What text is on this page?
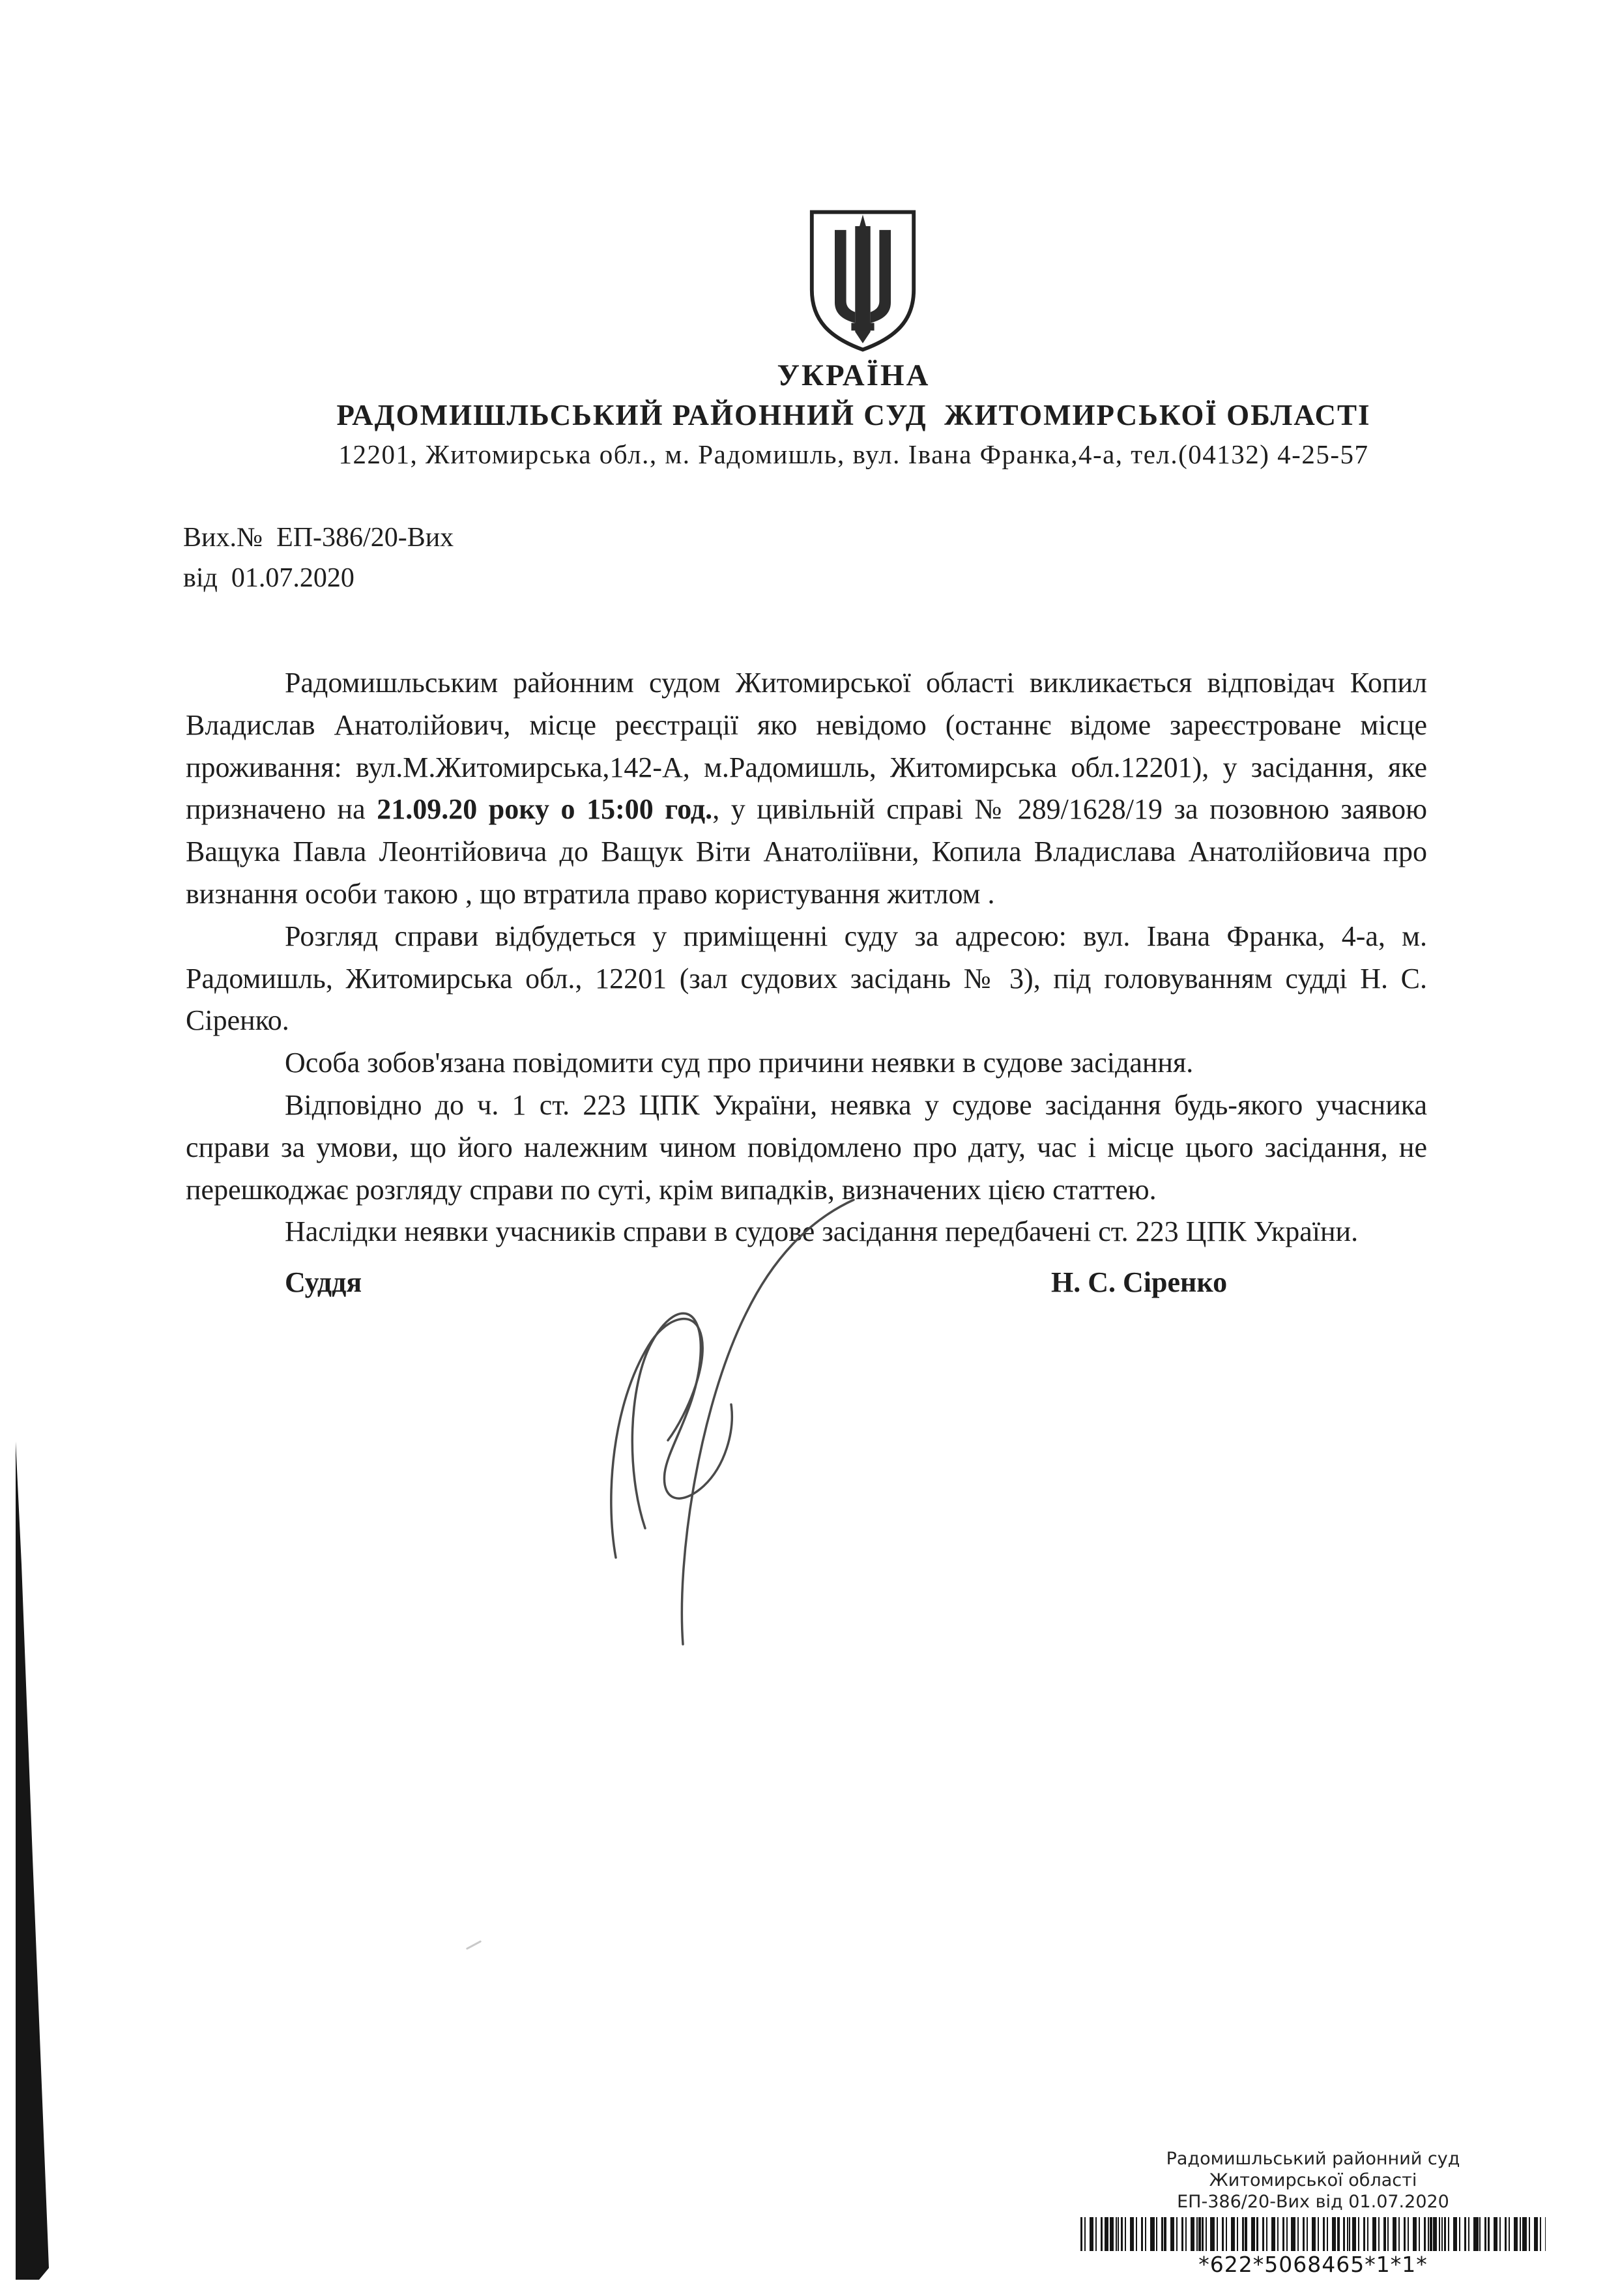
УКРАЇНА
РАДОМИШЛЬСЬКИЙ РАЙОННИЙ СУД  ЖИТОМИРСЬКОЇ ОБЛАСТІ
12201, Житомирська обл., м. Радомишль, вул. Івана Франка,4-а, тел.(04132) 4-25-57
Вих.№  ЕП-386/20-Вих
від  01.07.2020

Радомишльським районним судом Житомирської області викликається відповідач Копил Владислав Анатолійович, місце реєстрації яко невідомо (останнє відоме зареєстроване місце проживання: вул.М.Житомирська,142-А, м.Радомишль, Житомирська обл.12201), у засідання, яке призначено на 21.09.20 року о 15:00 год., у цивільній справі № 289/1628/19 за позовною заявою Ващука Павла Леонтійовича до Ващук Віти Анатоліївни, Копила Владислава Анатолійовича про визнання особи такою , що втратила право користування житлом .

Розгляд справи відбудеться у приміщенні суду за адресою: вул. Івана Франка, 4-а, м. Радомишль, Житомирська обл., 12201 (зал судових засідань № 3), під головуванням судді Н. С. Сіренко.

Особа зобов'язана повідомити суд про причини неявки в судове засідання.

Відповідно до ч. 1 ст. 223 ЦПК України, неявка у судове засідання будь-якого учасника справи за умови, що його належним чином повідомлено про дату, час і місце цього засідання, не перешкоджає розгляду справи по суті, крім випадків, визначених цією статтею.

Наслідки неявки учасників справи в судове засідання передбачені ст. 223 ЦПК України.

Суддя	Н. С. Сіренко
Радомишльський районний суд
Житомирської області
ЕП-386/20-Вих від 01.07.2020
*622*5068465*1*1*
